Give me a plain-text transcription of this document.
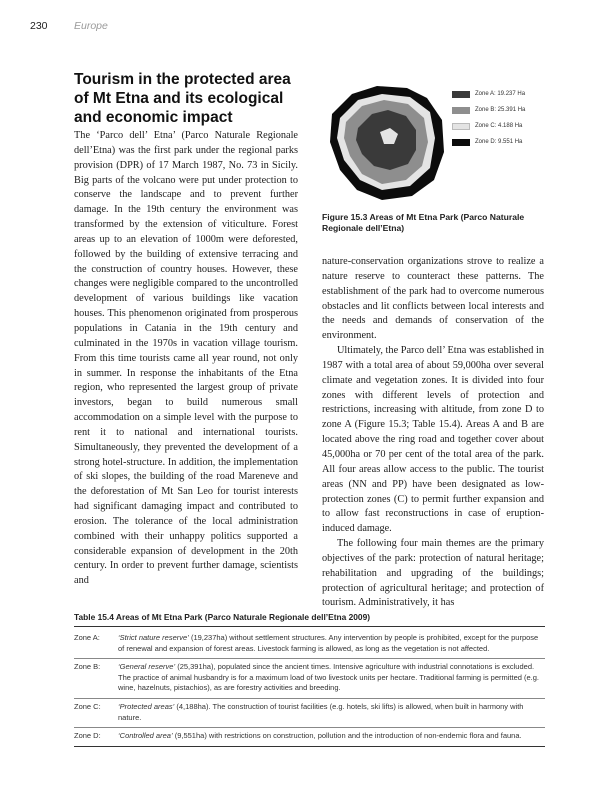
230	Europe
Tourism in the protected area of Mt Etna and its ecological and economic impact

The ‘Parco dell’ Etna’ (Parco Naturale Regionale dell’Etna) was the first park under the regional parks provision (DPR) of 17 March 1987, No. 73 in Sicily. Big parts of the volcano were put under protection to conserve the landscape and to prevent further damage. In the 19th century the environment was transformed by the extension of viticulture. Forest areas up to an elevation of 1000m were deforested, followed by the building of extensive terracing and the construction of country houses. However, these changes were negligible compared to the uncontrolled development of various buildings like vacation houses. This phenomenon originated from prosperous populations in Catania in the 19th century and culminated in the 1970s in vacation village tourism. From this time tourists came all year round, not only in summer. In response the inhabitants of the Etna region, who represented the largest group of private investors, began to build numerous small accommodation on a simple level with the purpose to rent it to national and international tourists. Simultaneously, they prevented the development of a strong hotel-structure. In addition, the implementation of ski slopes, the building of the road Mareneve and the deforestation of Mt San Leo for tourist interests had significant damaging impact and contributed to erosion. The tolerance of the local administration combined with their unhappy politics supported a considerable expansion of development in the 20th century. In order to prevent further damage, scientists and

Zone A: 19.237 Ha
Zone B: 25.391 Ha
Zone C: 4.188 Ha
Zone D: 9.551 Ha
Figure 15.3 Areas of Mt Etna Park (Parco Naturale Regionale dell’Etna)

nature-conservation organizations strove to realize a nature reserve to counteract these patterns. The establishment of the park had to overcome numerous obstacles and lit conflicts between local interests and the needs and demands of conservation of the environment.

Ultimately, the Parco dell’ Etna was established in 1987 with a total area of about 59,000ha over several climate and vegetation zones. It is divided into four zones with different levels of protection and restrictions, increasing with altitude, from zone D to zone A (Figure 15.3; Table 15.4). Areas A and B are located above the ring road and together cover about 45,000ha or 70 per cent of the total area of the park. All four areas allow access to the public. The tourist areas (NN and PP) have been designated as low-protection zones (C) to permit further expansion and to allow fast reconstructions in case of eruption-induced damage.

The following four main themes are the primary objectives of the park: protection of natural heritage; rehabilitation and upgrading of the buildings; protection of agricultural heritage; and protection of tourism. Administratively, it has

Table 15.4 Areas of Mt Etna Park (Parco Naturale Regionale dell’Etna 2009)
Zone A:	‘Strict nature reserve’ (19,237ha) without settlement structures. Any intervention by people is prohibited, except for the purpose of renewal and expansion of forest areas. Livestock farming is allowed, as long as the vegetation is not affected.
Zone B:	‘General reserve’ (25,391ha), populated since the ancient times. Intensive agriculture with industrial connotations is excluded. The practice of animal husbandry is for a maximum load of two livestock units per hectare. Traditional farming is permitted (e.g. wine, hazelnuts, pistachios), as are forestry activities and breeding.
Zone C:	‘Protected areas’ (4,188ha). The construction of tourist facilities (e.g. hotels, ski lifts) is allowed, when built in harmony with nature.
Zone D:	‘Controlled area’ (9,551ha) with restrictions on construction, pollution and the introduction of non-endemic flora and fauna.
